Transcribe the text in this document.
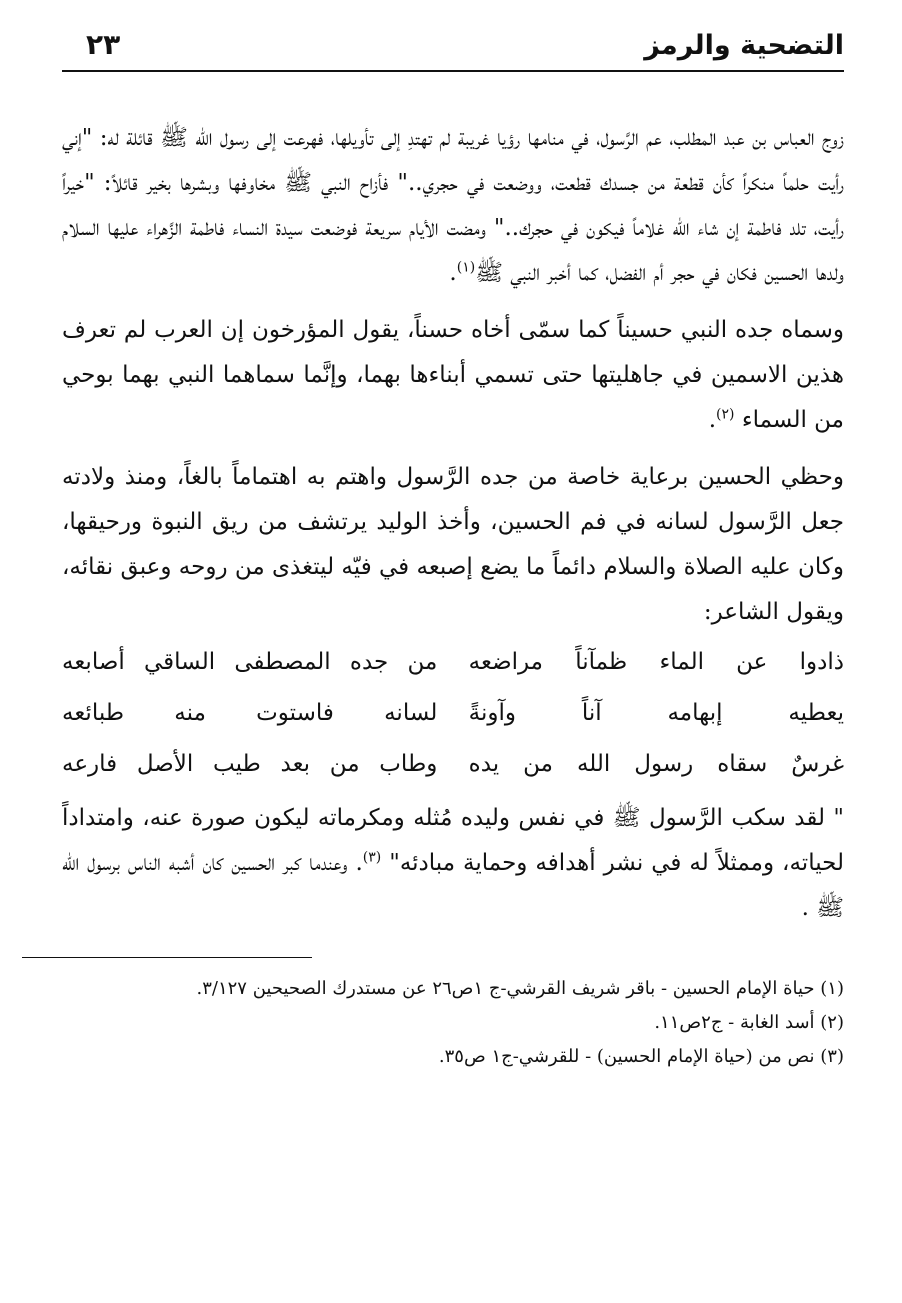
التضحية والرمز
٢٣

زوج العباس بن عبد المطلب، عم الرَّسول، في منامها رؤيا غريبة لم تهتدِ إلى تأويلها، فهرعت إلى رسول الله ﷺ قائلة له: "إني رأيت حلماً منكراً كأن قطعة من جسدك قطعت، ووضعت في حجري.." فأزاح النبي ﷺ مخاوفها وبشرها بخير قائلاً: "خيراً رأيت، تلد فاطمة إن شاء الله غلاماً فيكون في حجرك.." ومضت الأيام سريعة فوضعت سيدة النساء فاطمة الزَّهراء عليها السلام ولدها الحسين فكان في حجر أم الفضل، كما أخبر النبي ﷺ$^{(١)}$.

وسماه جده النبي حسيناً كما سمّى أخاه حسناً، يقول المؤرخون إن العرب لم تعرف هذين الاسمين في جاهليتها حتى تسمي أبناءها بهما، وإنَّما سماهما النبي بهما بوحي من السماء $^{(٢)}$.

وحظي الحسين برعاية خاصة من جده الرَّسول واهتم به اهتماماً بالغاً، ومنذ ولادته جعل الرَّسول لسانه في فم الحسين، وأخذ الوليد يرتشف من ريق النبوة ورحيقها، وكان عليه الصلاة والسلام دائماً ما يضع إصبعه في فيّه ليتغذى من روحه وعبق نقائه، ويقول الشاعر:

ذادوا عن الماء ظمآناً مراضعه
من جده المصطفى الساقي أصابعه
يعطيه إبهامه آناً وآونةً
لسانه فاستوت منه طبائعه
غرسٌ سقاه رسول الله من يده
وطاب من بعد طيب الأصل فارعه

" لقد سكب الرَّسول ﷺ في نفس وليده مُثله ومكرماته ليكون صورة عنه، وامتداداً لحياته، وممثلاً له في نشر أهدافه وحماية مبادئه" $^{(٣)}$. وعندما كبر الحسين كان أشبه الناس برسول الله ﷺ .

(١) حياة الإمام الحسين - باقر شريف القرشي-ج ١ص٢٦ عن مستدرك الصحيحين ٣/١٢٧.
(٢) أسد الغابة - ج٢ص١١.
(٣) نص من (حياة الإمام الحسين) - للقرشي-ج١ ص٣٥.
